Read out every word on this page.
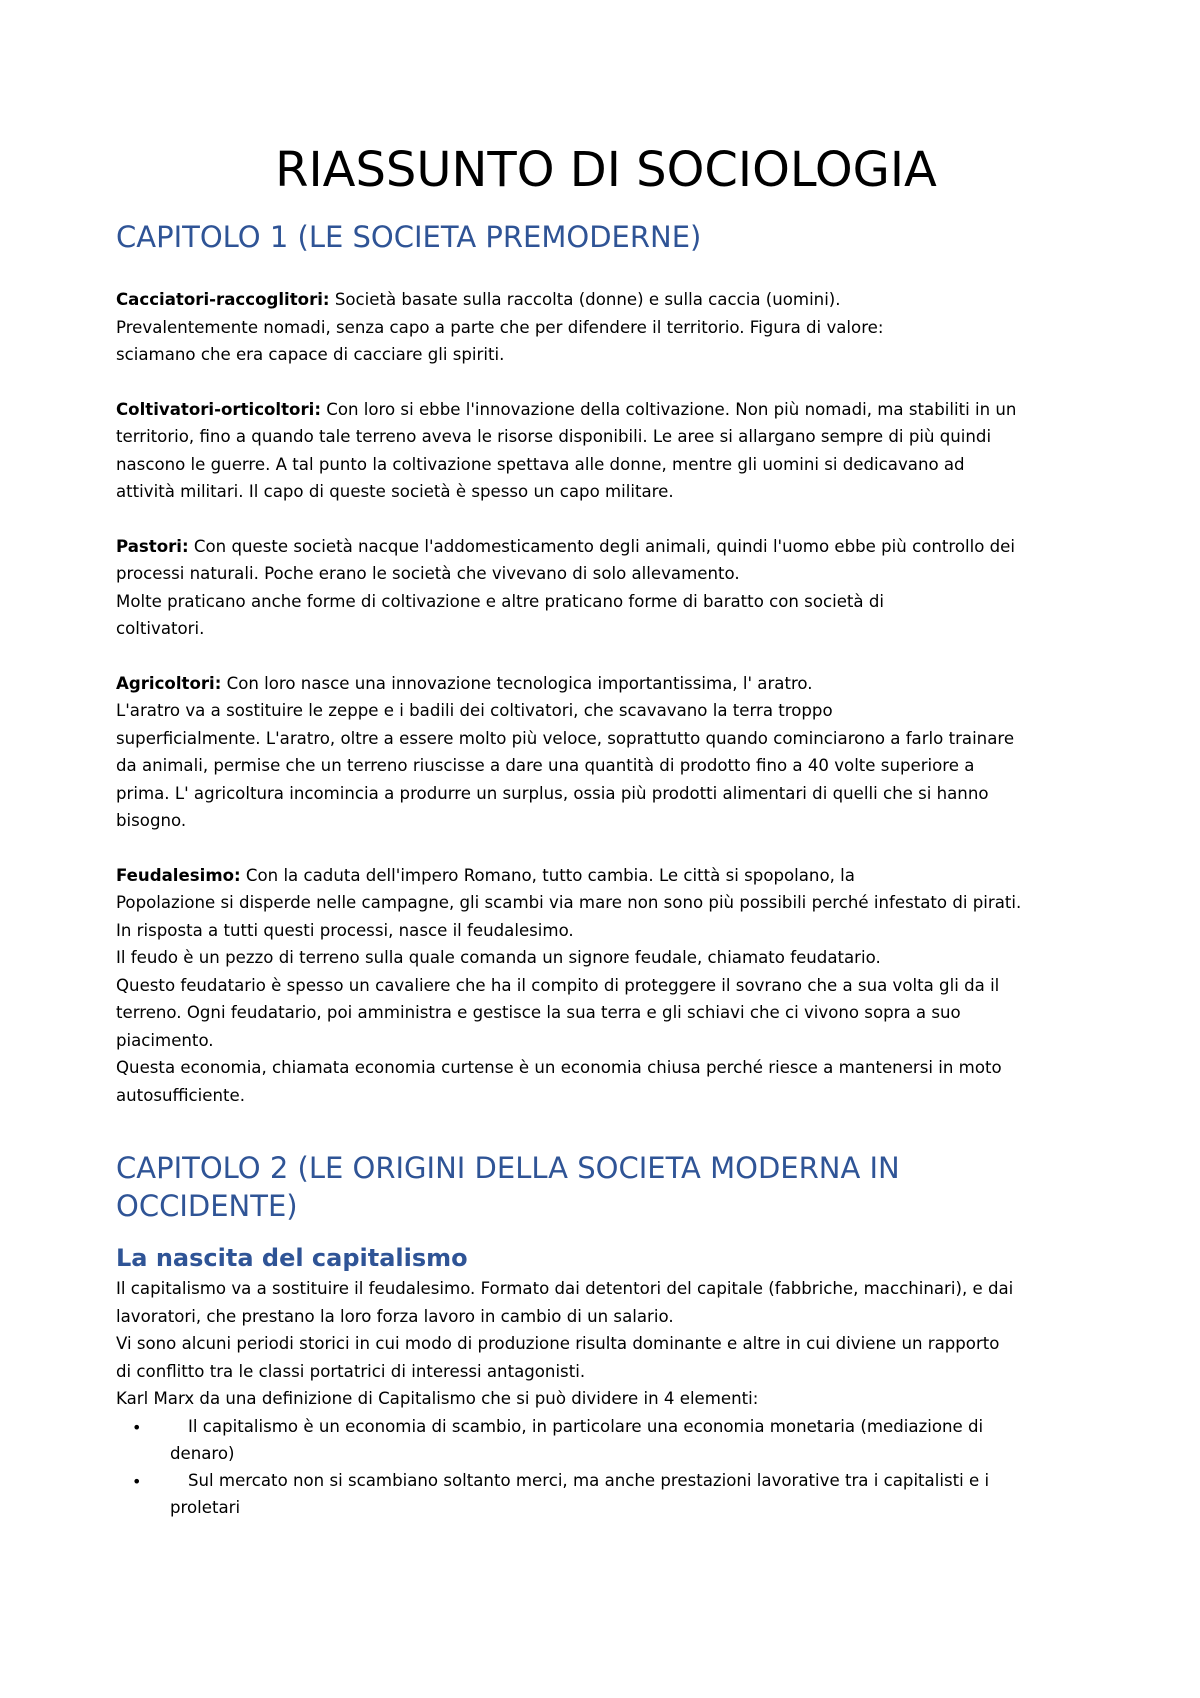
RIASSUNTO DI SOCIOLOGIA
CAPITOLO 1 (LE SOCIETA PREMODERNE)
Cacciatori-raccoglitori: Società basate sulla raccolta (donne) e sulla caccia (uomini).
Prevalentemente nomadi, senza capo a parte che per difendere il territorio. Figura di valore:
sciamano che era capace di cacciare gli spiriti.
Coltivatori-orticoltori: Con loro si ebbe l'innovazione della coltivazione. Non più nomadi, ma stabiliti in un
territorio, fino a quando tale terreno aveva le risorse disponibili. Le aree si allargano sempre di più quindi
nascono le guerre. A tal punto la coltivazione spettava alle donne, mentre gli uomini si dedicavano ad
attività militari. Il capo di queste società è spesso un capo militare.
Pastori: Con queste società nacque l'addomesticamento degli animali, quindi l'uomo ebbe più controllo dei
processi naturali. Poche erano le società che vivevano di solo allevamento.
Molte praticano anche forme di coltivazione e altre praticano forme di baratto con società di
coltivatori.
Agricoltori: Con loro nasce una innovazione tecnologica importantissima, l' aratro.
L'aratro va a sostituire le zeppe e i badili dei coltivatori, che scavavano la terra troppo
superficialmente. L'aratro, oltre a essere molto più veloce, soprattutto quando cominciarono a farlo trainare
da animali, permise che un terreno riuscisse a dare una quantità di prodotto fino a 40 volte superiore a
prima. L' agricoltura incomincia a produrre un surplus, ossia più prodotti alimentari di quelli che si hanno
bisogno.
Feudalesimo: Con la caduta dell'impero Romano, tutto cambia. Le città si spopolano, la
Popolazione si disperde nelle campagne, gli scambi via mare non sono più possibili perché infestato di pirati.
In risposta a tutti questi processi, nasce il feudalesimo.
Il feudo è un pezzo di terreno sulla quale comanda un signore feudale, chiamato feudatario.
Questo feudatario è spesso un cavaliere che ha il compito di proteggere il sovrano che a sua volta gli da il
terreno. Ogni feudatario, poi amministra e gestisce la sua terra e gli schiavi che ci vivono sopra a suo
piacimento.
Questa economia, chiamata economia curtense è un economia chiusa perché riesce a mantenersi in moto
autosufficiente.
CAPITOLO 2 (LE ORIGINI DELLA SOCIETA MODERNA IN
OCCIDENTE)
La nascita del capitalismo
Il capitalismo va a sostituire il feudalesimo. Formato dai detentori del capitale (fabbriche, macchinari), e dai
lavoratori, che prestano la loro forza lavoro in cambio di un salario.
Vi sono alcuni periodi storici in cui modo di produzione risulta dominante e altre in cui diviene un rapporto
di conflitto tra le classi portatrici di interessi antagonisti.
Karl Marx da una definizione di Capitalismo che si può dividere in 4 elementi:
•	Il capitalismo è un economia di scambio, in particolare una economia monetaria (mediazione di
denaro)
•	Sul mercato non si scambiano soltanto merci, ma anche prestazioni lavorative tra i capitalisti e i
proletari
